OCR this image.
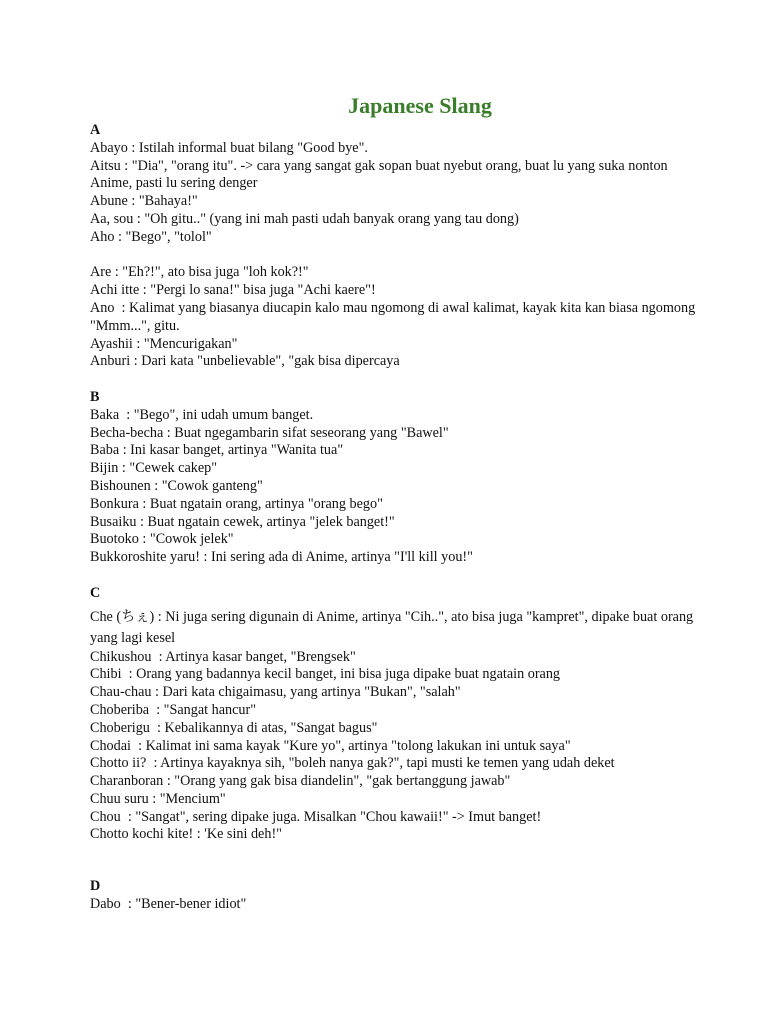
Japanese Slang

A

Abayo : Istilah informal buat bilang "Good bye".

Aitsu : "Dia", "orang itu". -> cara yang sangat gak sopan buat nyebut orang, buat lu yang suka nonton Anime, pasti lu sering denger

Abune : "Bahaya!"

Aa, sou : "Oh gitu.." (yang ini mah pasti udah banyak orang yang tau dong)

Aho : "Bego", "tolol"

Are : "Eh?!", ato bisa juga "loh kok?!"

Achi itte : "Pergi lo sana!" bisa juga "Achi kaere"!

Ano  : Kalimat yang biasanya diucapin kalo mau ngomong di awal kalimat, kayak kita kan biasa ngomong "Mmm...", gitu.

Ayashii : "Mencurigakan"

Anburi : Dari kata "unbelievable", "gak bisa dipercaya

B

Baka  : "Bego", ini udah umum banget.

Becha-becha : Buat ngegambarin sifat seseorang yang "Bawel"

Baba : Ini kasar banget, artinya "Wanita tua"

Bijin : "Cewek cakep"

Bishounen : "Cowok ganteng"

Bonkura : Buat ngatain orang, artinya "orang bego"

Busaiku : Buat ngatain cewek, artinya "jelek banget!"

Buotoko : "Cowok jelek"

Bukkoroshite yaru! : Ini sering ada di Anime, artinya "I'll kill you!"

C

Che (ちぇ) : Ni juga sering digunain di Anime, artinya "Cih..", ato bisa juga "kampret", dipake buat orang yang lagi kesel

Chikushou  : Artinya kasar banget, "Brengsek"

Chibi  : Orang yang badannya kecil banget, ini bisa juga dipake buat ngatain orang

Chau-chau : Dari kata chigaimasu, yang artinya "Bukan", "salah"

Choberiba  : "Sangat hancur"

Choberigu  : Kebalikannya di atas, "Sangat bagus"

Chodai  : Kalimat ini sama kayak "Kure yo", artinya "tolong lakukan ini untuk saya"

Chotto ii?  : Artinya kayaknya sih, "boleh nanya gak?", tapi musti ke temen yang udah deket

Charanboran : "Orang yang gak bisa diandelin", "gak bertanggung jawab"

Chuu suru : "Mencium"

Chou  : "Sangat", sering dipake juga. Misalkan "Chou kawaii!" -> Imut banget!

Chotto kochi kite! : 'Ke sini deh!"

D

Dabo  : "Bener-bener idiot"
